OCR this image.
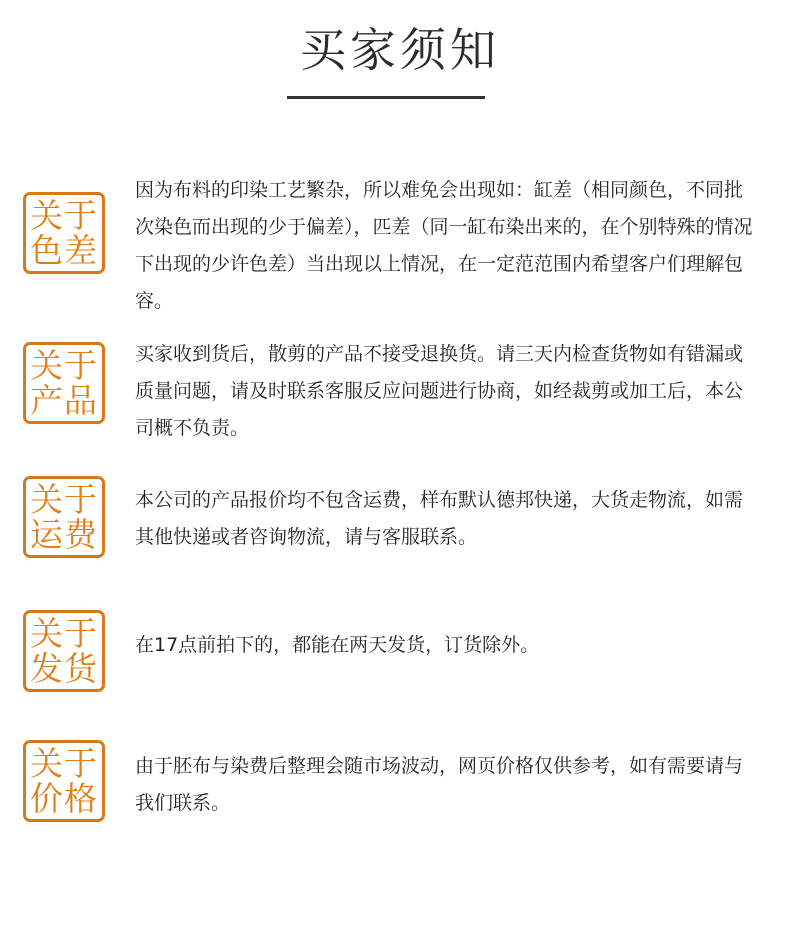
买家须知
关于
色差

因为布料的印染工艺繁杂，所以难免会出现如：缸差（相同颜色，不同批次染色而出现的少于偏差），匹差（同一缸布染出来的，在个别特殊的情况下出现的少许色差）当出现以上情况，在一定范范围内希望客户们理解包容。

关于
产品

买家收到货后，散剪的产品不接受退换货。请三天内检查货物如有错漏或质量问题，请及时联系客服反应问题进行协商，如经裁剪或加工后，本公司概不负责。

关于
运费

本公司的产品报价均不包含运费，样布默认德邦快递，大货走物流，如需其他快递或者咨询物流，请与客服联系。

关于
发货

在17点前拍下的，都能在两天发货，订货除外。

关于
价格

由于胚布与染费后整理会随市场波动，网页价格仅供参考，如有需要请与我们联系。
